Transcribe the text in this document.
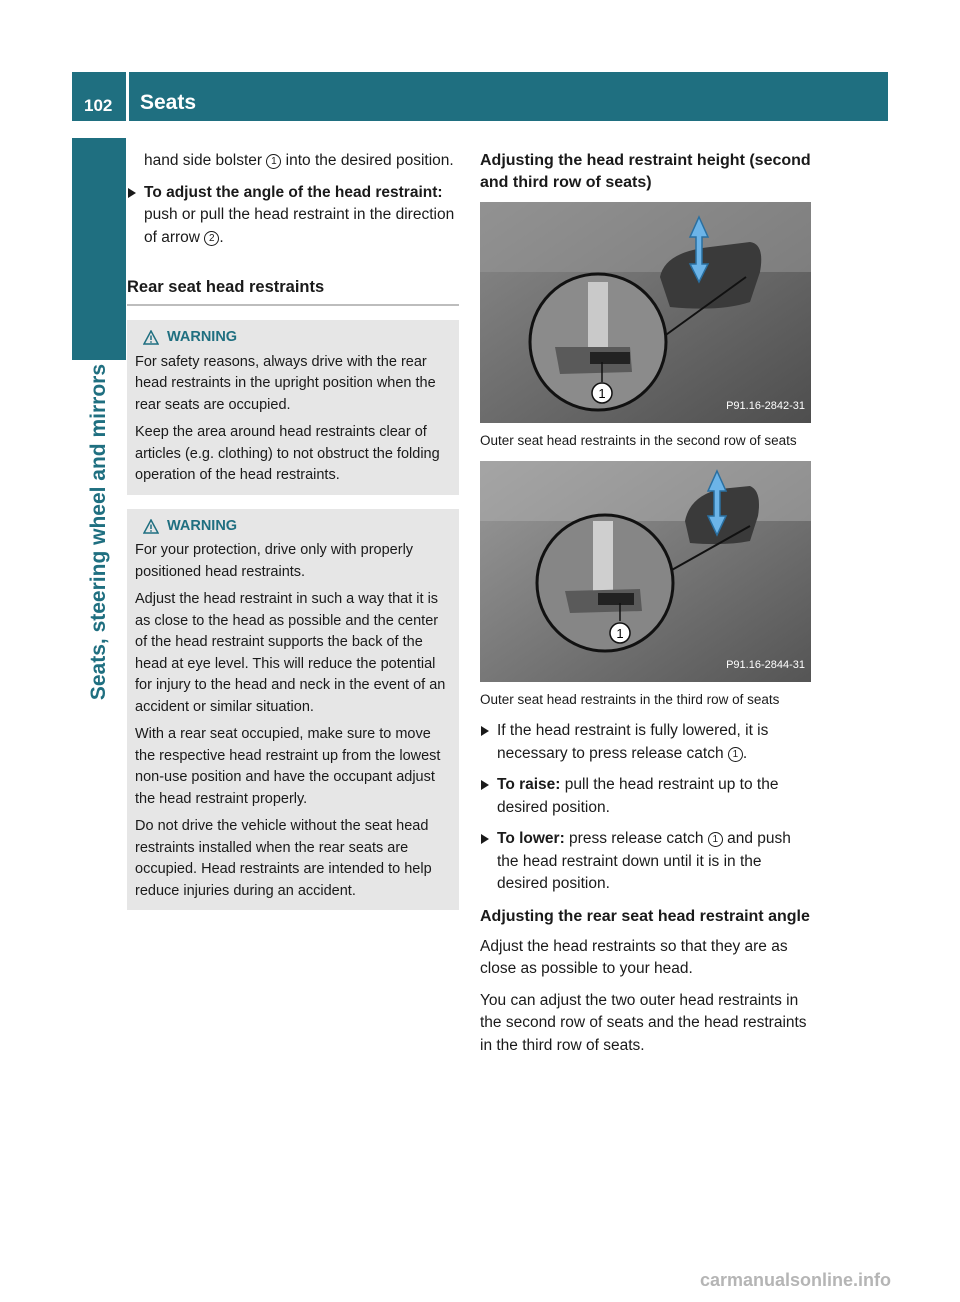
102	Seats
Seats, steering wheel and mirrors

hand side bolster 1 into the desired position.

To adjust the angle of the head restraint: push or pull the head restraint in the direction of arrow 2 .
Rear seat head restraints
WARNING

For safety reasons, always drive with the rear head restraints in the upright position when the rear seats are occupied.

Keep the area around head restraints clear of articles (e.g. clothing) to not obstruct the folding operation of the head restraints.

WARNING

For your protection, drive only with properly positioned head restraints.

Adjust the head restraint in such a way that it is as close to the head as possible and the center of the head restraint supports the back of the head at eye level. This will reduce the potential for injury to the head and neck in the event of an accident or similar situation.

With a rear seat occupied, make sure to move the respective head restraint up from the lowest non-use position and have the occupant adjust the head restraint properly.

Do not drive the vehicle without the seat head restraints installed when the rear seats are occupied. Head restraints are intended to help reduce injuries during an accident.

Adjusting the head restraint height (second and third row of seats)

1
P91.16-2842-31

Outer seat head restraints in the second row of seats

1
P91.16-2844-31

Outer seat head restraints in the third row of seats

If the head restraint is fully lowered, it is necessary to press release catch 1 .
To raise: pull the head restraint up to the desired position.
To lower: press release catch 1 and push the head restraint down until it is in the desired position.

Adjusting the rear seat head restraint angle

Adjust the head restraints so that they are as close as possible to your head.

You can adjust the two outer head restraints in the second row of seats and the head restraints in the third row of seats.

carmanualsonline.info
